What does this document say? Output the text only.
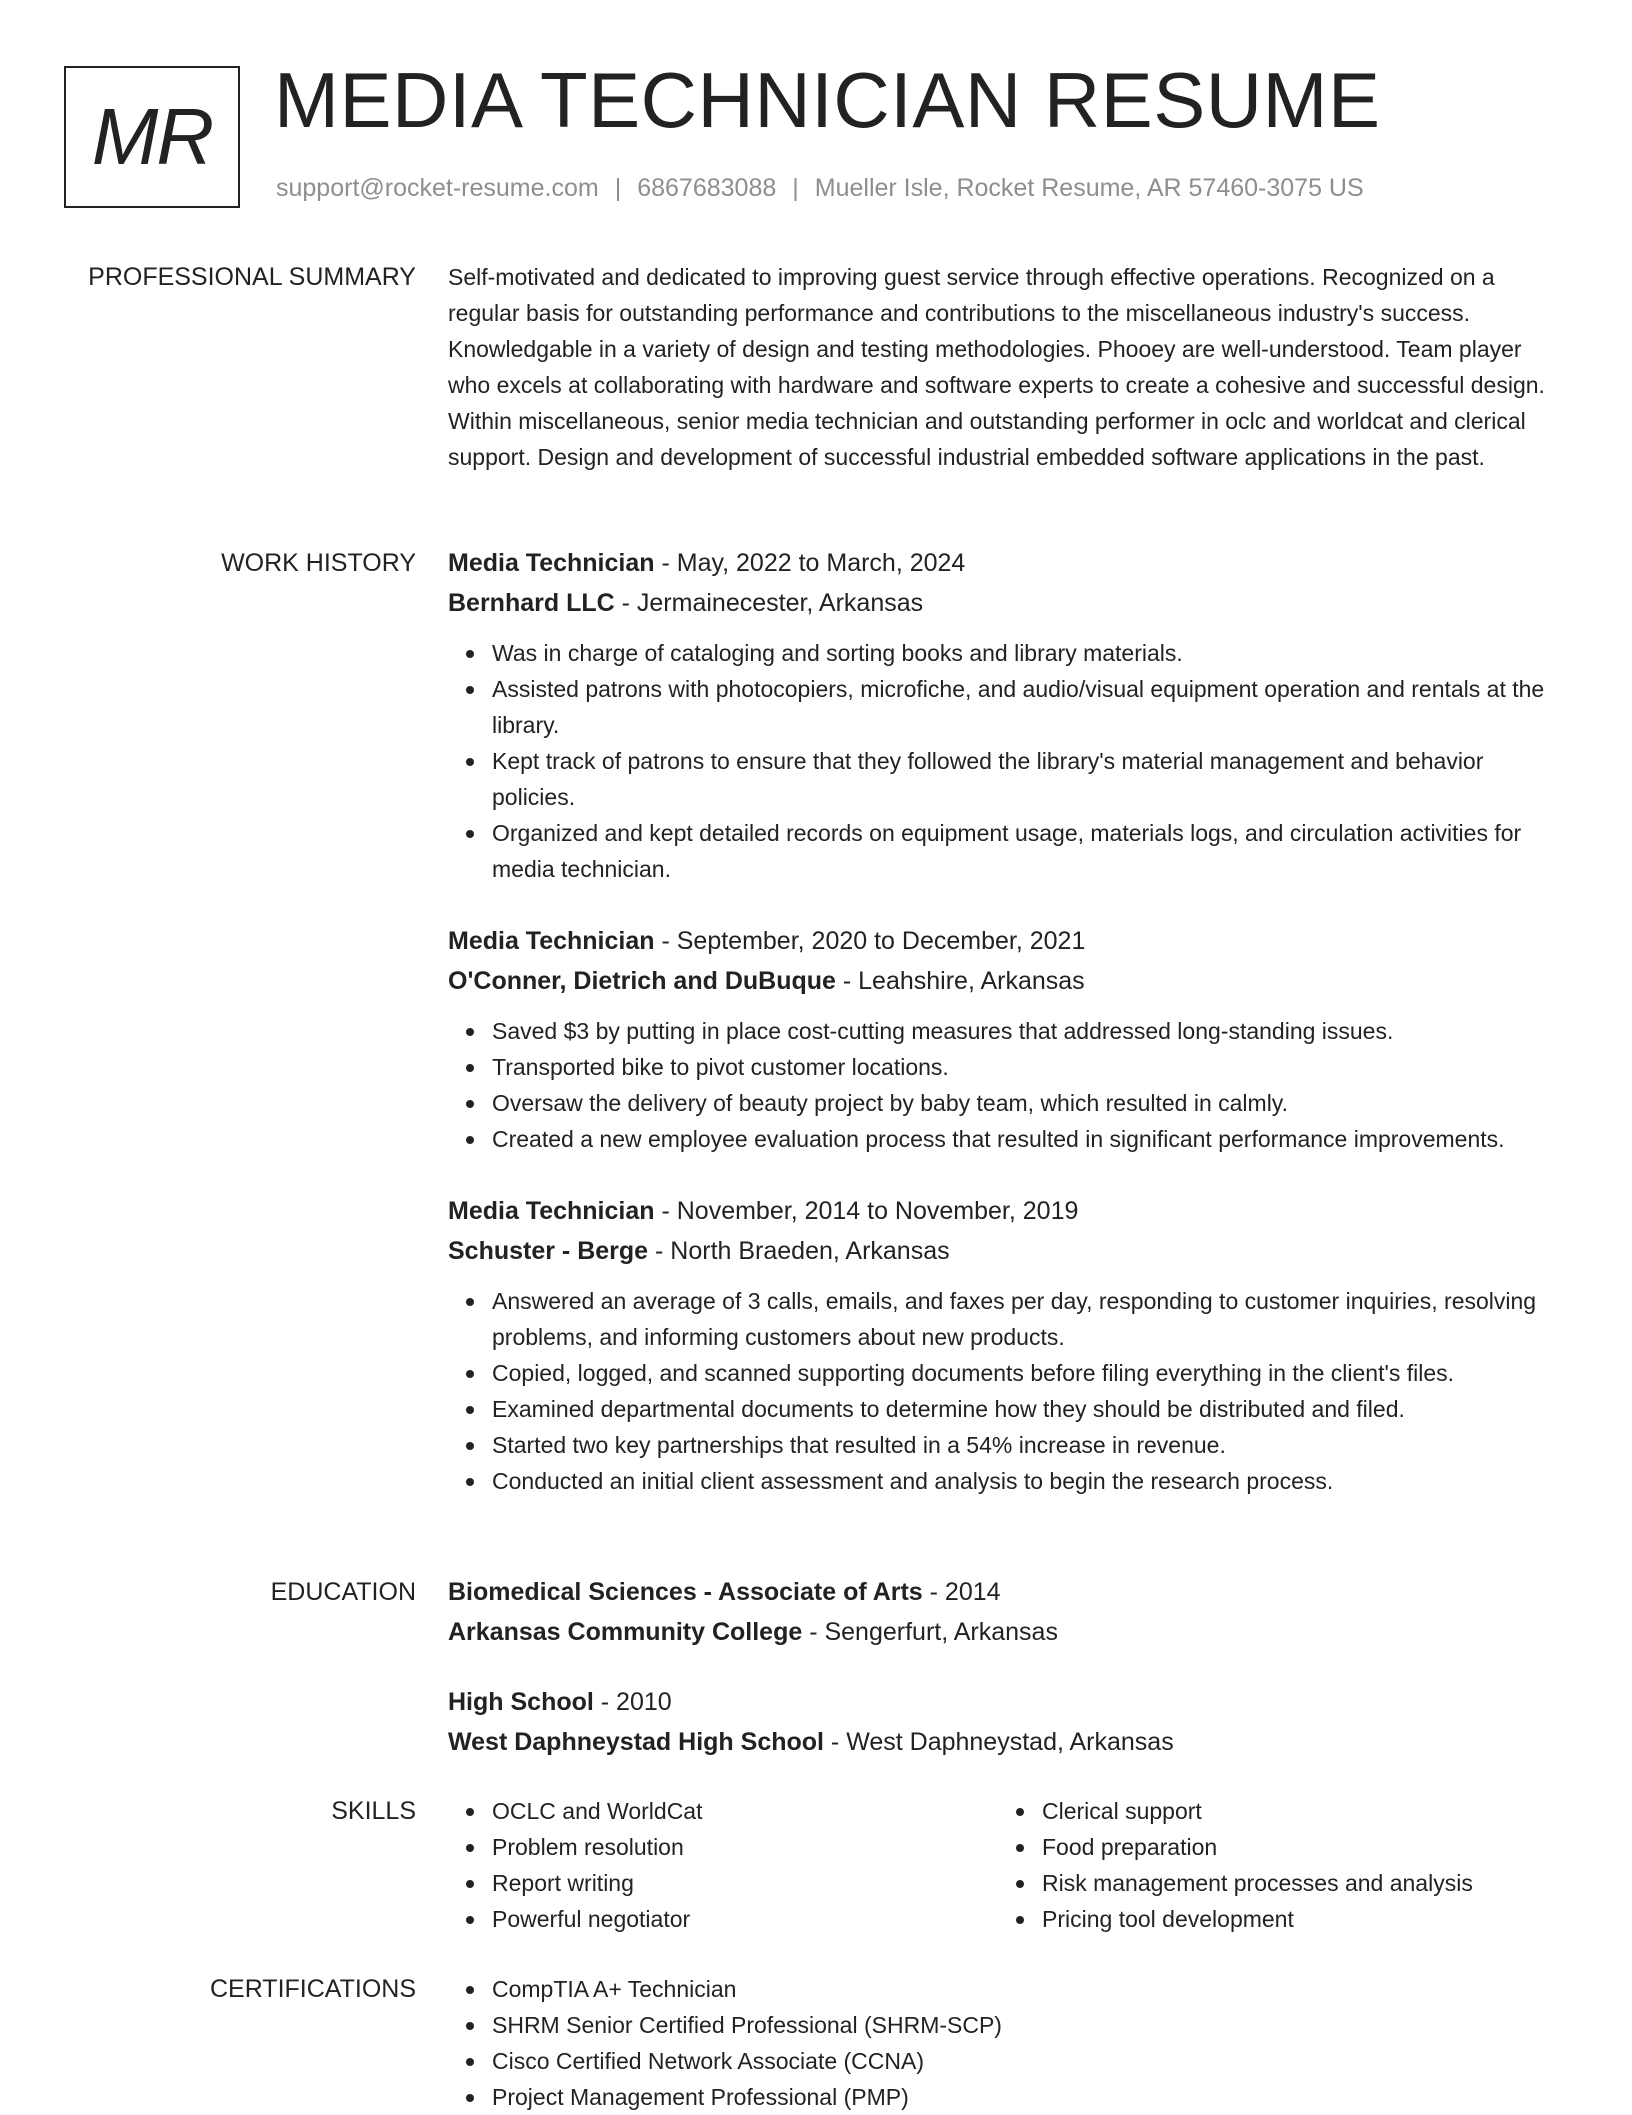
MR MEDIA TECHNICIAN RESUME
support@rocket-resume.com | 6867683088 | Mueller Isle, Rocket Resume, AR 57460-3075 US
PROFESSIONAL SUMMARY Self-motivated and dedicated to improving guest service through effective operations. Recognized on a regular basis for outstanding performance and contributions to the miscellaneous industry's success. Knowledgable in a variety of design and testing methodologies. Phooey are well-understood. Team player who excels at collaborating with hardware and software experts to create a cohesive and successful design. Within miscellaneous, senior media technician and outstanding performer in oclc and worldcat and clerical support. Design and development of successful industrial embedded software applications in the past.

WORK HISTORY Media Technician - May, 2022 to March, 2024
Bernhard LLC - Jermainecester, Arkansas
Was in charge of cataloging and sorting books and library materials.
Assisted patrons with photocopiers, microfiche, and audio/visual equipment operation and rentals at the library.
Kept track of patrons to ensure that they followed the library's material management and behavior policies.
Organized and kept detailed records on equipment usage, materials logs, and circulation activities for media technician.
Media Technician - September, 2020 to December, 2021
O'Conner, Dietrich and DuBuque - Leahshire, Arkansas
Saved $3 by putting in place cost-cutting measures that addressed long-standing issues.
Transported bike to pivot customer locations.
Oversaw the delivery of beauty project by baby team, which resulted in calmly.
Created a new employee evaluation process that resulted in significant performance improvements.
Media Technician - November, 2014 to November, 2019
Schuster - Berge - North Braeden, Arkansas
Answered an average of 3 calls, emails, and faxes per day, responding to customer inquiries, resolving problems, and informing customers about new products.
Copied, logged, and scanned supporting documents before filing everything in the client's files.
Examined departmental documents to determine how they should be distributed and filed.
Started two key partnerships that resulted in a 54% increase in revenue.
Conducted an initial client assessment and analysis to begin the research process.
EDUCATION Biomedical Sciences - Associate of Arts - 2014
Arkansas Community College - Sengerfurt, Arkansas
High School - 2010
West Daphneystad High School - West Daphneystad, Arkansas
SKILLS	OCLC and WorldCat
Problem resolution
Report writing
Powerful negotiator
Clerical support
Food preparation
Risk management processes and analysis
Pricing tool development
CERTIFICATIONS	CompTIA A+ Technician
SHRM Senior Certified Professional (SHRM-SCP)
Cisco Certified Network Associate (CCNA)
Project Management Professional (PMP)
